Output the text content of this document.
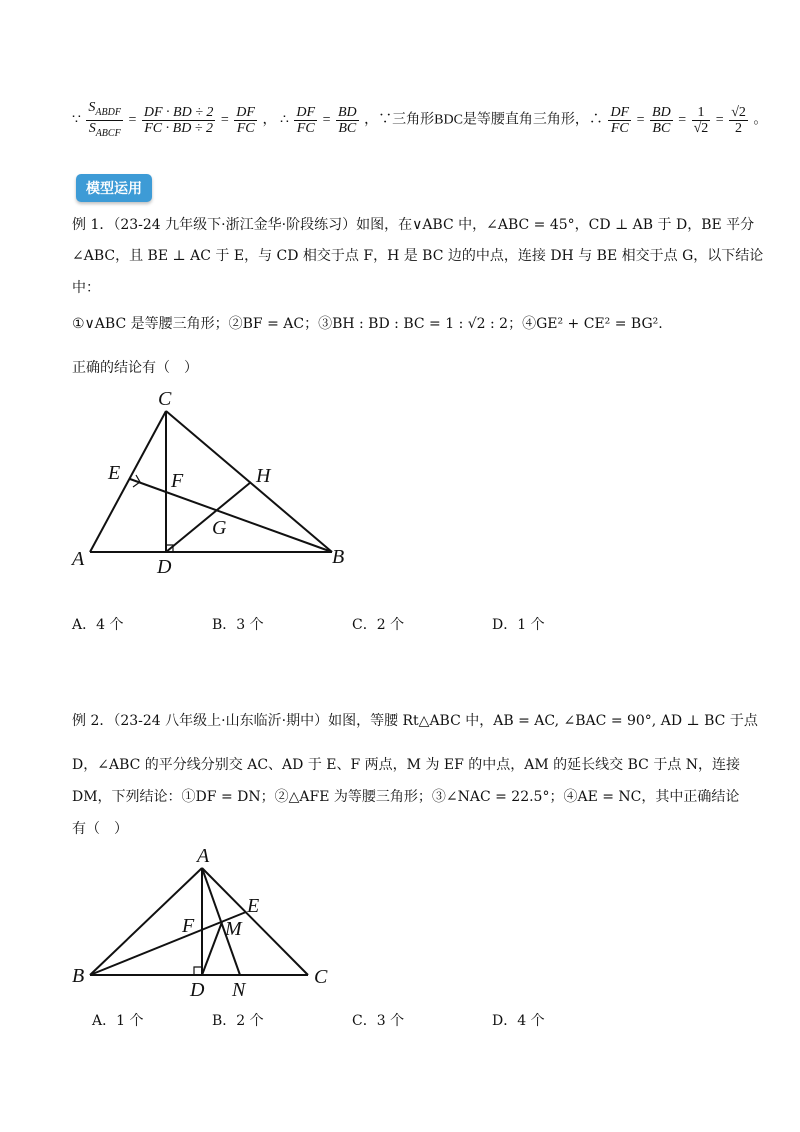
∵ $\frac{S_{ABDF}}{S_{ABCF}} = \frac{DF \cdot BD \div 2}{FC \cdot BD \div 2} = \frac{DF}{FC}$ ， ∴ $\frac{DF}{FC} = \frac{BD}{BC}$ ，∵三角形BDC是等腰直角三角形，∴ $\frac{DF}{FC} = \frac{BD}{BC} = \frac{1}{√2} = \frac{√2}{2}$ 。
模型运用
例 1．（23-24 九年级下·浙江金华·阶段练习）如图，在∨ABC 中，∠ABC = 45°，CD ⊥ AB 于 D，BE 平分
∠ABC，且 BE ⊥ AC 于 E，与 CD 相交于点 F，H 是 BC 边的中点，连接 DH 与 BE 相交于点 G，以下结论
中：
①∨ABC 是等腰三角形；②BF = AC；③BH : BD : BC = 1 : √2 : 2；④GE² + CE² = BG².
正确的结论有（　）
C
E	F	H
G
A	D	B
A．4 个	B．3 个	C．2 个	D．1 个
例 2．（23-24 八年级上·山东临沂·期中）如图，等腰 Rt△ABC 中，AB = AC, ∠BAC = 90°, AD ⊥ BC 于点
D，∠ABC 的平分线分别交 AC、AD 于 E、F 两点，M 为 EF 的中点，AM 的延长线交 BC 于点 N，连接
DM，下列结论：①DF = DN；②△AFE 为等腰三角形；③∠NAC = 22.5°；④AE = NC，其中正确结论
有（　）
A
E
F M
B
D N
C
A．1 个	B．2 个	C．3 个	D．4 个
